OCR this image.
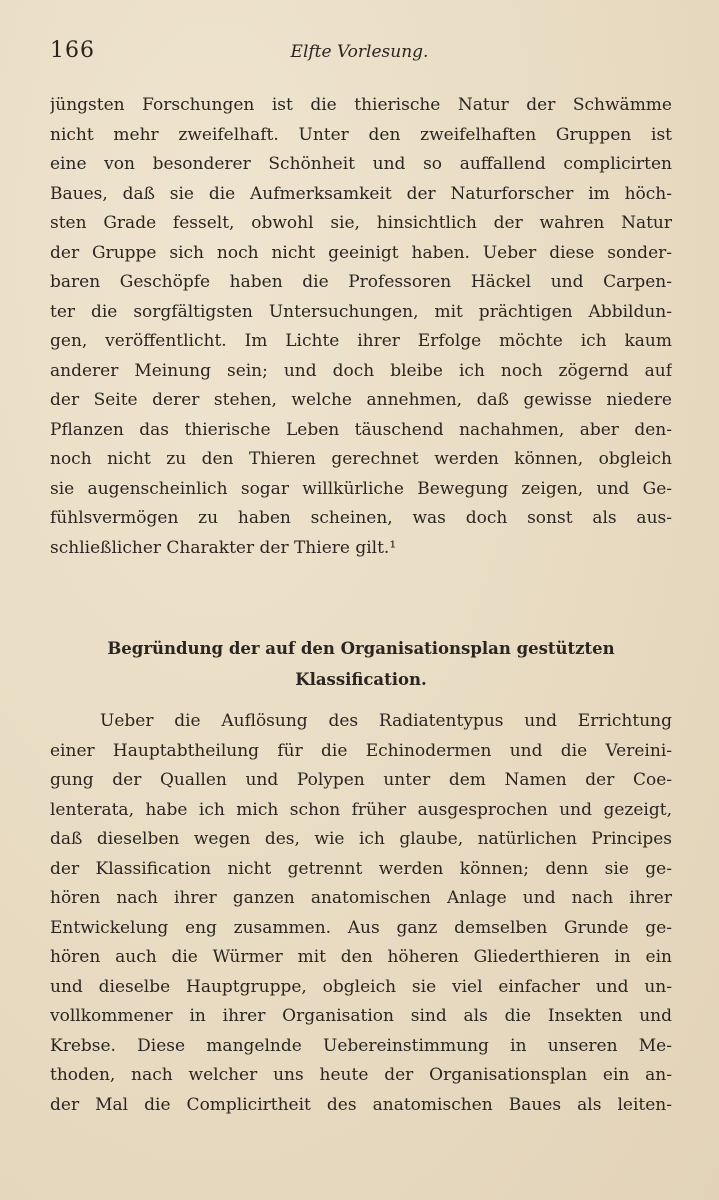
166	Elfte Vorlesung.
jüngsten Forschungen ist die thierische Natur der Schwämme
nicht mehr zweifelhaft. Unter den zweifelhaften Gruppen ist
eine von besonderer Schönheit und so auffallend complicirten
Baues, daß sie die Aufmerksamkeit der Naturforscher im höch-
sten Grade fesselt, obwohl sie, hinsichtlich der wahren Natur
der Gruppe sich noch nicht geeinigt haben. Ueber diese sonder-
baren Geschöpfe haben die Professoren Häckel und Carpen-
ter die sorgfältigsten Untersuchungen, mit prächtigen Abbildun-
gen, veröffentlicht. Im Lichte ihrer Erfolge möchte ich kaum
anderer Meinung sein; und doch bleibe ich noch zögernd auf
der Seite derer stehen, welche annehmen, daß gewisse niedere
Pflanzen das thierische Leben täuschend nachahmen, aber den-
noch nicht zu den Thieren gerechnet werden können, obgleich
sie augenscheinlich sogar willkürliche Bewegung zeigen, und Ge-
fühlsvermögen zu haben scheinen, was doch sonst als aus-
schließlicher Charakter der Thiere gilt.¹
Begründung der auf den Organisationsplan gestützten
Klassification.
Ueber die Auflösung des Radiatentypus und Errichtung
einer Hauptabtheilung für die Echinodermen und die Vereini-
gung der Quallen und Polypen unter dem Namen der Coe-
lenterata, habe ich mich schon früher ausgesprochen und gezeigt,
daß dieselben wegen des, wie ich glaube, natürlichen Principes
der Klassification nicht getrennt werden können; denn sie ge-
hören nach ihrer ganzen anatomischen Anlage und nach ihrer
Entwickelung eng zusammen. Aus ganz demselben Grunde ge-
hören auch die Würmer mit den höheren Gliederthieren in ein
und dieselbe Hauptgruppe, obgleich sie viel einfacher und un-
vollkommener in ihrer Organisation sind als die Insekten und
Krebse. Diese mangelnde Uebereinstimmung in unseren Me-
thoden, nach welcher uns heute der Organisationsplan ein an-
der Mal die Complicirtheit des anatomischen Baues als leiten-
